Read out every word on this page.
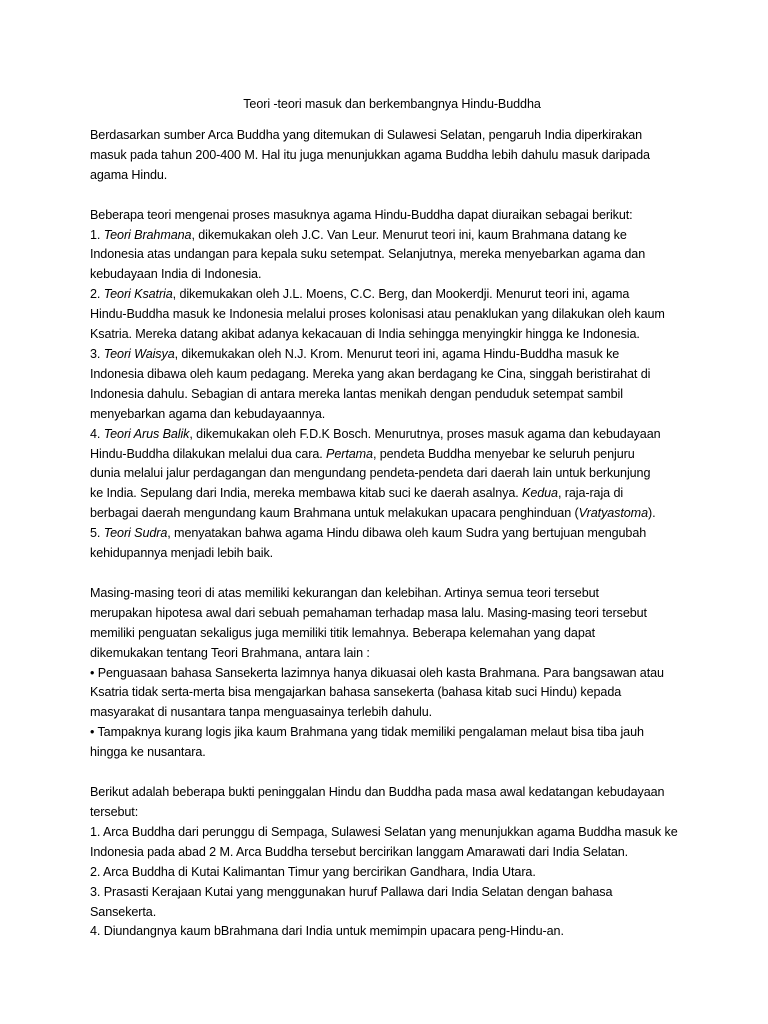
Teori -teori masuk dan berkembangnya Hindu-Buddha

Berdasarkan sumber Arca Buddha yang ditemukan di Sulawesi Selatan, pengaruh India diperkirakan
masuk pada tahun 200-400 M. Hal itu juga menunjukkan agama Buddha lebih dahulu masuk daripada
agama Hindu.

Beberapa teori mengenai proses masuknya agama Hindu-Buddha dapat diuraikan sebagai berikut:
1. Teori Brahmana, dikemukakan oleh J.C. Van Leur. Menurut teori ini, kaum Brahmana datang ke
Indonesia atas undangan para kepala suku setempat. Selanjutnya, mereka menyebarkan agama dan
kebudayaan India di Indonesia.
2. Teori Ksatria, dikemukakan oleh J.L. Moens, C.C. Berg, dan Mookerdji. Menurut teori ini, agama
Hindu-Buddha masuk ke Indonesia melalui proses kolonisasi atau penaklukan yang dilakukan oleh kaum
Ksatria. Mereka datang akibat adanya kekacauan di India sehingga menyingkir hingga ke Indonesia.
3. Teori Waisya, dikemukakan oleh N.J. Krom. Menurut teori ini, agama Hindu-Buddha masuk ke
Indonesia dibawa oleh kaum pedagang. Mereka yang akan berdagang ke Cina, singgah beristirahat di
Indonesia dahulu. Sebagian di antara mereka lantas menikah dengan penduduk setempat sambil
menyebarkan agama dan kebudayaannya.
4. Teori Arus Balik, dikemukakan oleh F.D.K Bosch. Menurutnya, proses masuk agama dan kebudayaan
Hindu-Buddha dilakukan melalui dua cara. Pertama, pendeta Buddha menyebar ke seluruh penjuru
dunia melalui jalur perdagangan dan mengundang pendeta-pendeta dari daerah lain untuk berkunjung
ke India. Sepulang dari India, mereka membawa kitab suci ke daerah asalnya. Kedua, raja-raja di
berbagai daerah mengundang kaum Brahmana untuk melakukan upacara penghinduan (Vratyastoma).
5. Teori Sudra, menyatakan bahwa agama Hindu dibawa oleh kaum Sudra yang bertujuan mengubah
kehidupannya menjadi lebih baik.

Masing-masing teori di atas memiliki kekurangan dan kelebihan. Artinya semua teori tersebut
merupakan hipotesa awal dari sebuah pemahaman terhadap masa lalu. Masing-masing teori tersebut
memiliki penguatan sekaligus juga memiliki titik lemahnya. Beberapa kelemahan yang dapat
dikemukakan tentang Teori Brahmana, antara lain :
• Penguasaan bahasa Sansekerta lazimnya hanya dikuasai oleh kasta Brahmana. Para bangsawan atau
Ksatria tidak serta-merta bisa mengajarkan bahasa sansekerta (bahasa kitab suci Hindu) kepada
masyarakat di nusantara tanpa menguasainya terlebih dahulu.
• Tampaknya kurang logis jika kaum Brahmana yang tidak memiliki pengalaman melaut bisa tiba jauh
hingga ke nusantara.

Berikut adalah beberapa bukti peninggalan Hindu dan Buddha pada masa awal kedatangan kebudayaan
tersebut:
1. Arca Buddha dari perunggu di Sempaga, Sulawesi Selatan yang menunjukkan agama Buddha masuk ke
Indonesia pada abad 2 M. Arca Buddha tersebut bercirikan langgam Amarawati dari India Selatan.
2. Arca Buddha di Kutai Kalimantan Timur yang bercirikan Gandhara, India Utara.
3. Prasasti Kerajaan Kutai yang menggunakan huruf Pallawa dari India Selatan dengan bahasa
Sansekerta.
4. Diundangnya kaum bBrahmana dari India untuk memimpin upacara peng-Hindu-an.
